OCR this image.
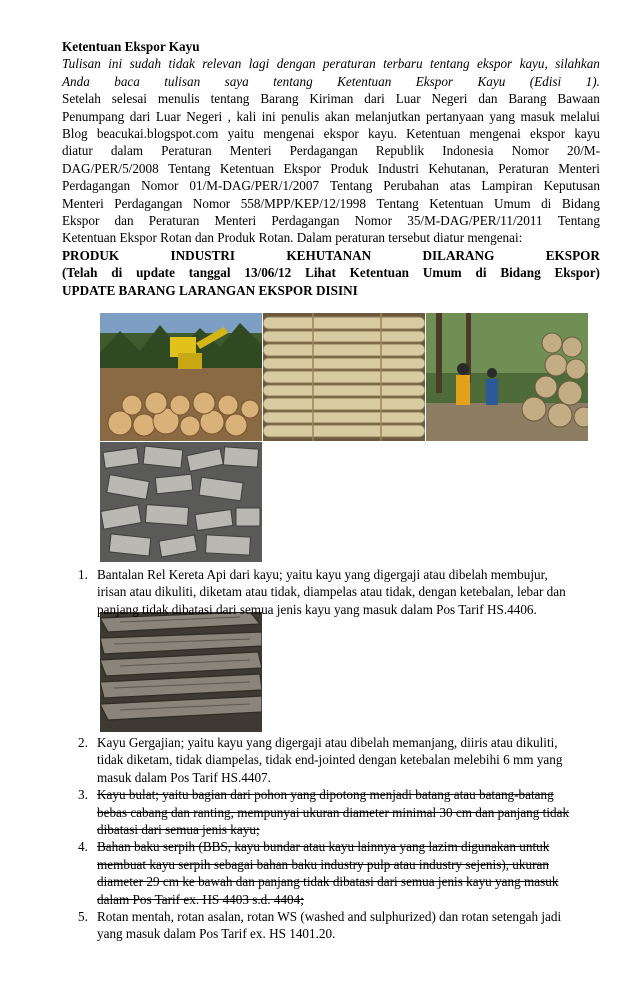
Ketentuan Ekspor Kayu

Tulisan ini sudah tidak relevan lagi dengan peraturan terbaru tentang ekspor kayu, silahkan

Anda baca tulisan saya tentang Ketentuan Ekspor Kayu (Edisi 1).

Setelah selesai menulis tentang Barang Kiriman dari Luar Negeri dan Barang Bawaan

Penumpang dari Luar Negeri , kali ini penulis akan melanjutkan pertanyaan yang masuk melalui

Blog beacukai.blogspot.com yaitu mengenai ekspor kayu. Ketentuan mengenai ekspor kayu

diatur dalam Peraturan Menteri Perdagangan Republik Indonesia Nomor 20/M-

DAG/PER/5/2008 Tentang Ketentuan Ekspor Produk Industri Kehutanan, Peraturan Menteri

Perdagangan Nomor 01/M-DAG/PER/1/2007 Tentang Perubahan atas Lampiran Keputusan

Menteri Perdagangan Nomor 558/MPP/KEP/12/1998 Tentang Ketentuan Umum di Bidang

Ekspor dan Peraturan Menteri Perdagangan Nomor 35/M-DAG/PER/11/2011 Tentang

Ketentuan Ekspor Rotan dan Produk Rotan. Dalam peraturan tersebut diatur mengenai:

PRODUK	INDUSTRI	KEHUTANAN	DILARANG	EKSPOR

(Telah di update tanggal 13/06/12 Lihat Ketentuan Umum di Bidang Ekspor)

UPDATE BARANG LARANGAN EKSPOR DISINI

1. Bantalan Rel Kereta Api dari kayu; yaitu kayu yang digergaji atau dibelah membujur,
irisan atau dikuliti, diketam atau tidak, diampelas atau tidak, dengan ketebalan, lebar dan
panjang tidak dibatasi dari semua jenis kayu yang masuk dalam Pos Tarif HS.4406.
2. Kayu Gergajian; yaitu kayu yang digergaji atau dibelah memanjang, diiris atau dikuliti,
tidak diketam, tidak diampelas, tidak end-jointed dengan ketebalan melebihi 6 mm yang
masuk dalam Pos Tarif HS.4407.
3. Kayu bulat; yaitu bagian dari pohon yang dipotong menjadi batang atau batang-batang
bebas cabang dan ranting, mempunyai ukuran diameter minimal 30 cm dan panjang tidak
dibatasi dari semua jenis kayu;
4. Bahan baku serpih (BBS, kayu bundar atau kayu lainnya yang lazim digunakan untuk
membuat kayu serpih sebagai bahan baku industry pulp atau industry sejenis), ukuran
diameter 29 cm ke bawah dan panjang tidak dibatasi dari semua jenis kayu yang masuk
dalam Pos Tarif ex. HS 4403 s.d. 4404;
5. Rotan mentah, rotan asalan, rotan WS (washed and sulphurized) dan rotan setengah jadi
yang masuk dalam Pos Tarif ex. HS 1401.20.
